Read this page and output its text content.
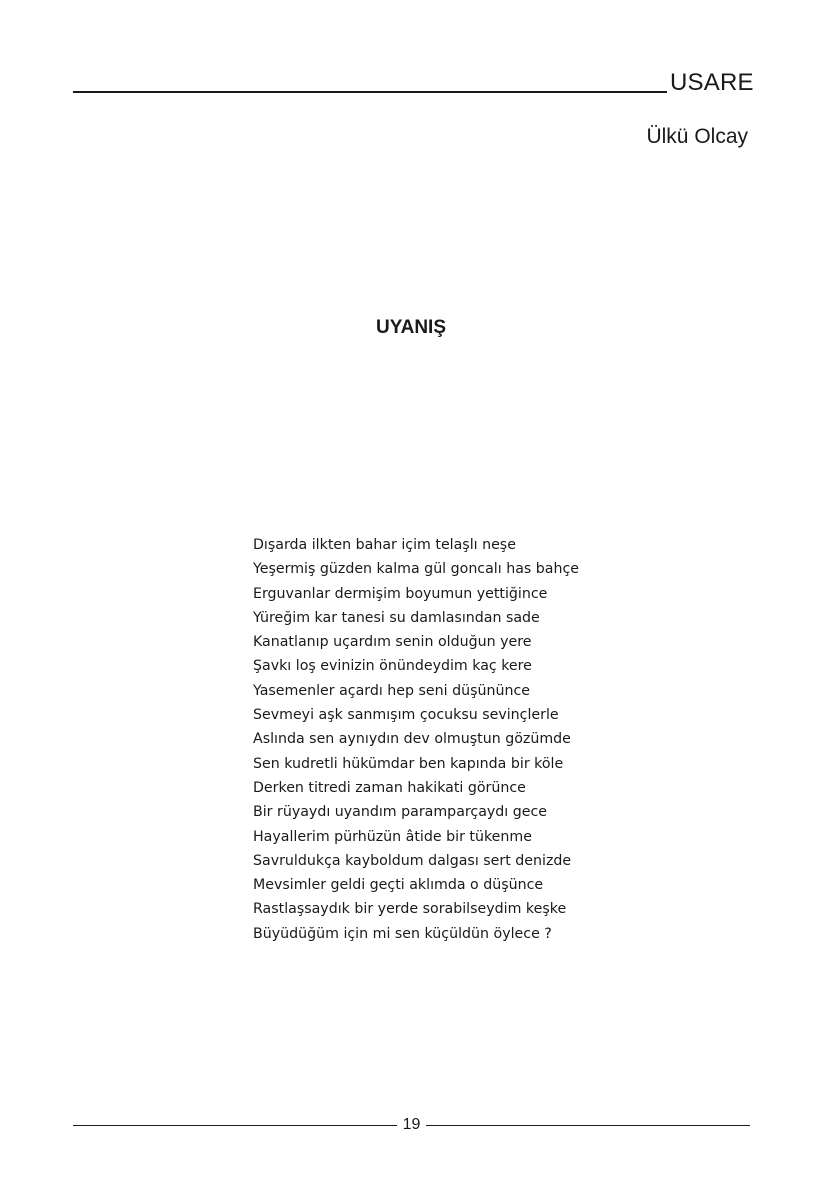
USARE
Ülkü Olcay
UYANIŞ
Dışarda ilkten bahar içim telaşlı neşe
Yeşermiş güzden kalma gül goncalı has bahçe
Erguvanlar dermişim boyumun yettiğince
Yüreğim kar tanesi su damlasından sade
Kanatlanıp uçardım senin olduğun yere
Şavkı loş evinizin önündeydim kaç kere
Yasemenler açardı hep seni düşününce
Sevmeyi aşk sanmışım çocuksu sevinçlerle
Aslında sen aynıydın dev olmuştun gözümde
Sen kudretli hükümdar ben kapında bir köle
Derken titredi zaman hakikati görünce
Bir rüyaydı uyandım paramparçaydı gece
Hayallerim pürhüzün âtide bir tükenme
Savruldukça kayboldum dalgası sert denizde
Mevsimler geldi geçti aklımda o düşünce
Rastlaşsaydık bir yerde sorabilseydim keşke
Büyüdüğüm için mi sen küçüldün öylece ?
19
